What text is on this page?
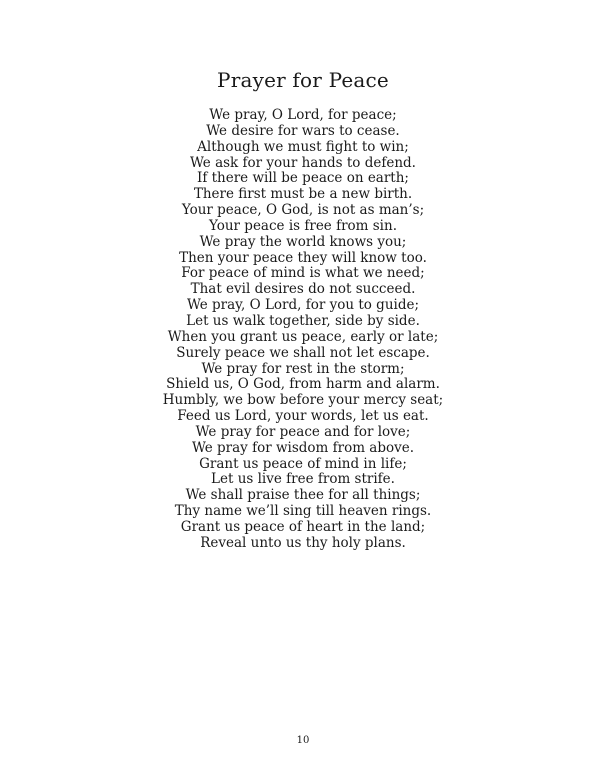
Prayer for Peace
We pray, O Lord, for peace;
We desire for wars to cease.
Although we must fight to win;
We ask for your hands to defend.
If there will be peace on earth;
There first must be a new birth.
Your peace, O God, is not as man’s;
Your peace is free from sin.
We pray the world knows you;
Then your peace they will know too.
For peace of mind is what we need;
That evil desires do not succeed.
We pray, O Lord, for you to guide;
Let us walk together, side by side.
When you grant us peace, early or late;
Surely peace we shall not let escape.
We pray for rest in the storm;
Shield us, O God, from harm and alarm.
Humbly, we bow before your mercy seat;
Feed us Lord, your words, let us eat.
We pray for peace and for love;
We pray for wisdom from above.
Grant us peace of mind in life;
Let us live free from strife.
We shall praise thee for all things;
Thy name we’ll sing till heaven rings.
Grant us peace of heart in the land;
Reveal unto us thy holy plans.
10
